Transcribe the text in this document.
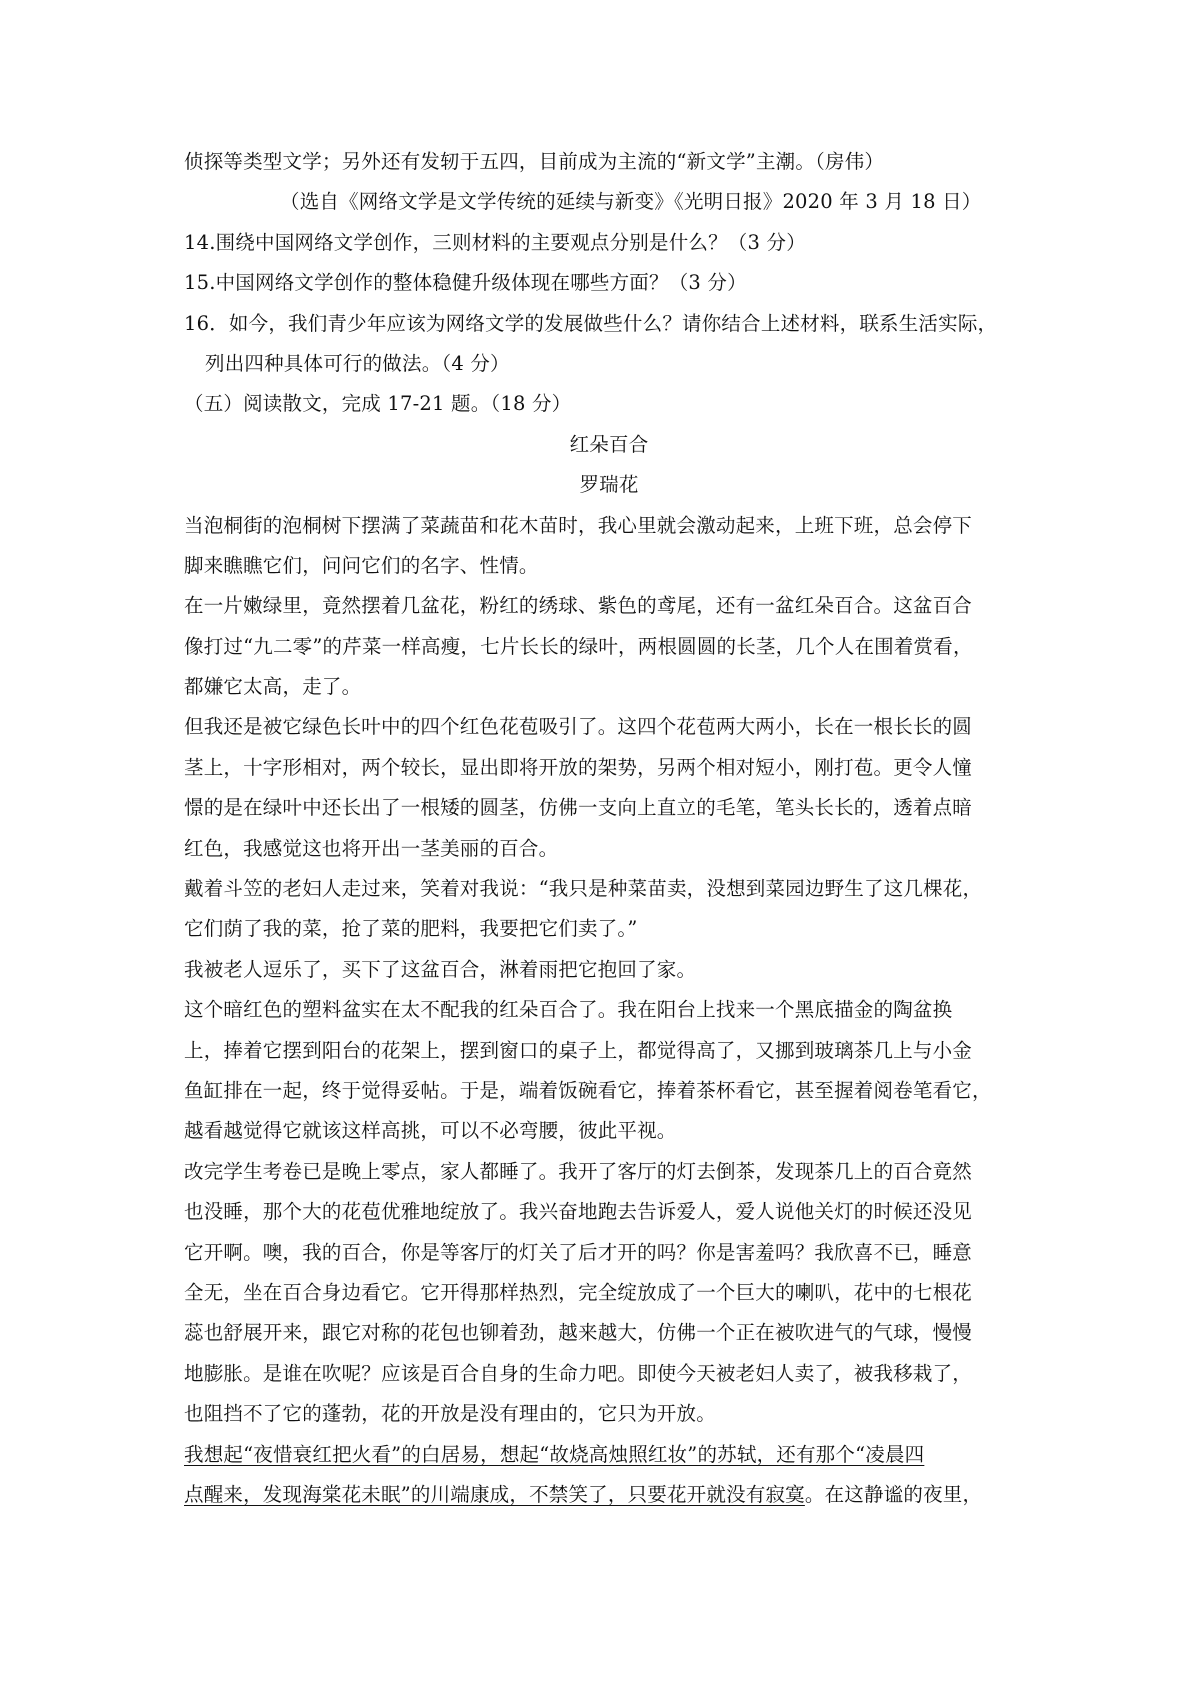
侦探等类型文学；另外还有发轫于五四，目前成为主流的“新文学”主潮。（房伟）
（选自《网络文学是文学传统的延续与新变》《光明日报》2020 年 3 月 18 日）
14.围绕中国网络文学创作，三则材料的主要观点分别是什么？（3 分）
15.中国网络文学创作的整体稳健升级体现在哪些方面？（3 分）
16．如今，我们青少年应该为网络文学的发展做些什么？请你结合上述材料，联系生活实际，
列出四种具体可行的做法。（4 分）
（五）阅读散文，完成 17-21 题。（18 分）
红朵百合
罗瑞花
当泡桐街的泡桐树下摆满了菜蔬苗和花木苗时，我心里就会激动起来，上班下班，总会停下
脚来瞧瞧它们，问问它们的名字、性情。
在一片嫩绿里，竟然摆着几盆花，粉红的绣球、紫色的鸢尾，还有一盆红朵百合。这盆百合
像打过“九二零”的芹菜一样高瘦，七片长长的绿叶，两根圆圆的长茎，几个人在围着赏看，
都嫌它太高，走了。
但我还是被它绿色长叶中的四个红色花苞吸引了。这四个花苞两大两小，长在一根长长的圆
茎上，十字形相对，两个较长，显出即将开放的架势，另两个相对短小，刚打苞。更令人憧
憬的是在绿叶中还长出了一根矮的圆茎，仿佛一支向上直立的毛笔，笔头长长的，透着点暗
红色，我感觉这也将开出一茎美丽的百合。
戴着斗笠的老妇人走过来，笑着对我说：“我只是种菜苗卖，没想到菜园边野生了这几棵花，
它们荫了我的菜，抢了菜的肥料，我要把它们卖了。”
我被老人逗乐了，买下了这盆百合，淋着雨把它抱回了家。
这个暗红色的塑料盆实在太不配我的红朵百合了。我在阳台上找来一个黑底描金的陶盆换
上，捧着它摆到阳台的花架上，摆到窗口的桌子上，都觉得高了，又挪到玻璃茶几上与小金
鱼缸排在一起，终于觉得妥帖。于是，端着饭碗看它，捧着茶杯看它，甚至握着阅卷笔看它，
越看越觉得它就该这样高挑，可以不必弯腰，彼此平视。
改完学生考卷已是晚上零点，家人都睡了。我开了客厅的灯去倒茶，发现茶几上的百合竟然
也没睡，那个大的花苞优雅地绽放了。我兴奋地跑去告诉爱人，爱人说他关灯的时候还没见
它开啊。噢，我的百合，你是等客厅的灯关了后才开的吗？你是害羞吗？我欣喜不已，睡意
全无，坐在百合身边看它。它开得那样热烈，完全绽放成了一个巨大的喇叭，花中的七根花
蕊也舒展开来，跟它对称的花包也铆着劲，越来越大，仿佛一个正在被吹进气的气球，慢慢
地膨胀。是谁在吹呢？应该是百合自身的生命力吧。即使今天被老妇人卖了，被我移栽了，
也阻挡不了它的蓬勃，花的开放是没有理由的，它只为开放。
我想起“夜惜衰红把火看”的白居易，想起“故烧高烛照红妆”的苏轼，还有那个“凌晨四
点醒来，发现海棠花未眠”的川端康成，不禁笑了，只要花开就没有寂寞。在这静谧的夜里，
